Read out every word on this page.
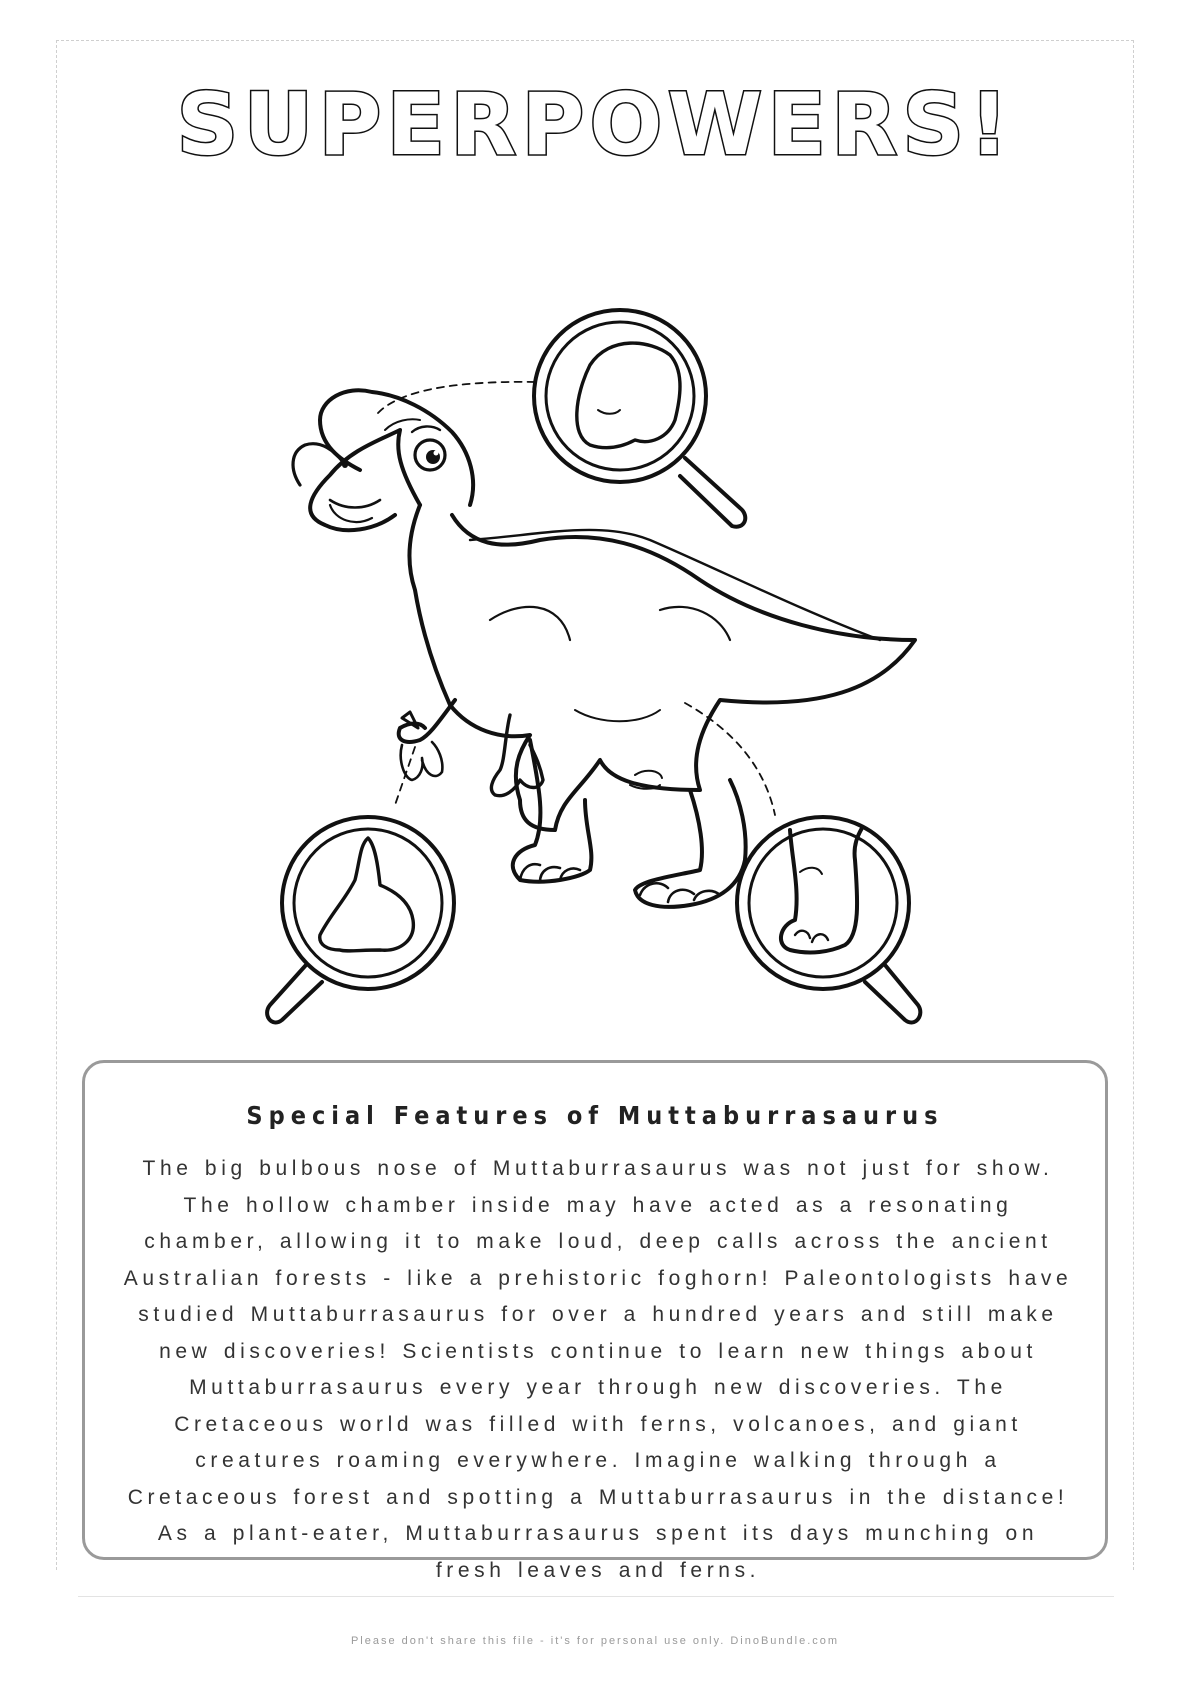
SUPERPOWERS!
Special Features of Muttaburrasaurus
The big bulbous nose of Muttaburrasaurus was not just for show. The hollow chamber inside may have acted as a resonating chamber, allowing it to make loud, deep calls across the ancient Australian forests - like a prehistoric foghorn! Paleontologists have studied Muttaburrasaurus for over a hundred years and still make new discoveries! Scientists continue to learn new things about Muttaburrasaurus every year through new discoveries. The Cretaceous world was filled with ferns, volcanoes, and giant creatures roaming everywhere. Imagine walking through a Cretaceous forest and spotting a Muttaburrasaurus in the distance! As a plant-eater, Muttaburrasaurus spent its days munching on fresh leaves and ferns.
Please don't share this file - it's for personal use only. DinoBundle.com
